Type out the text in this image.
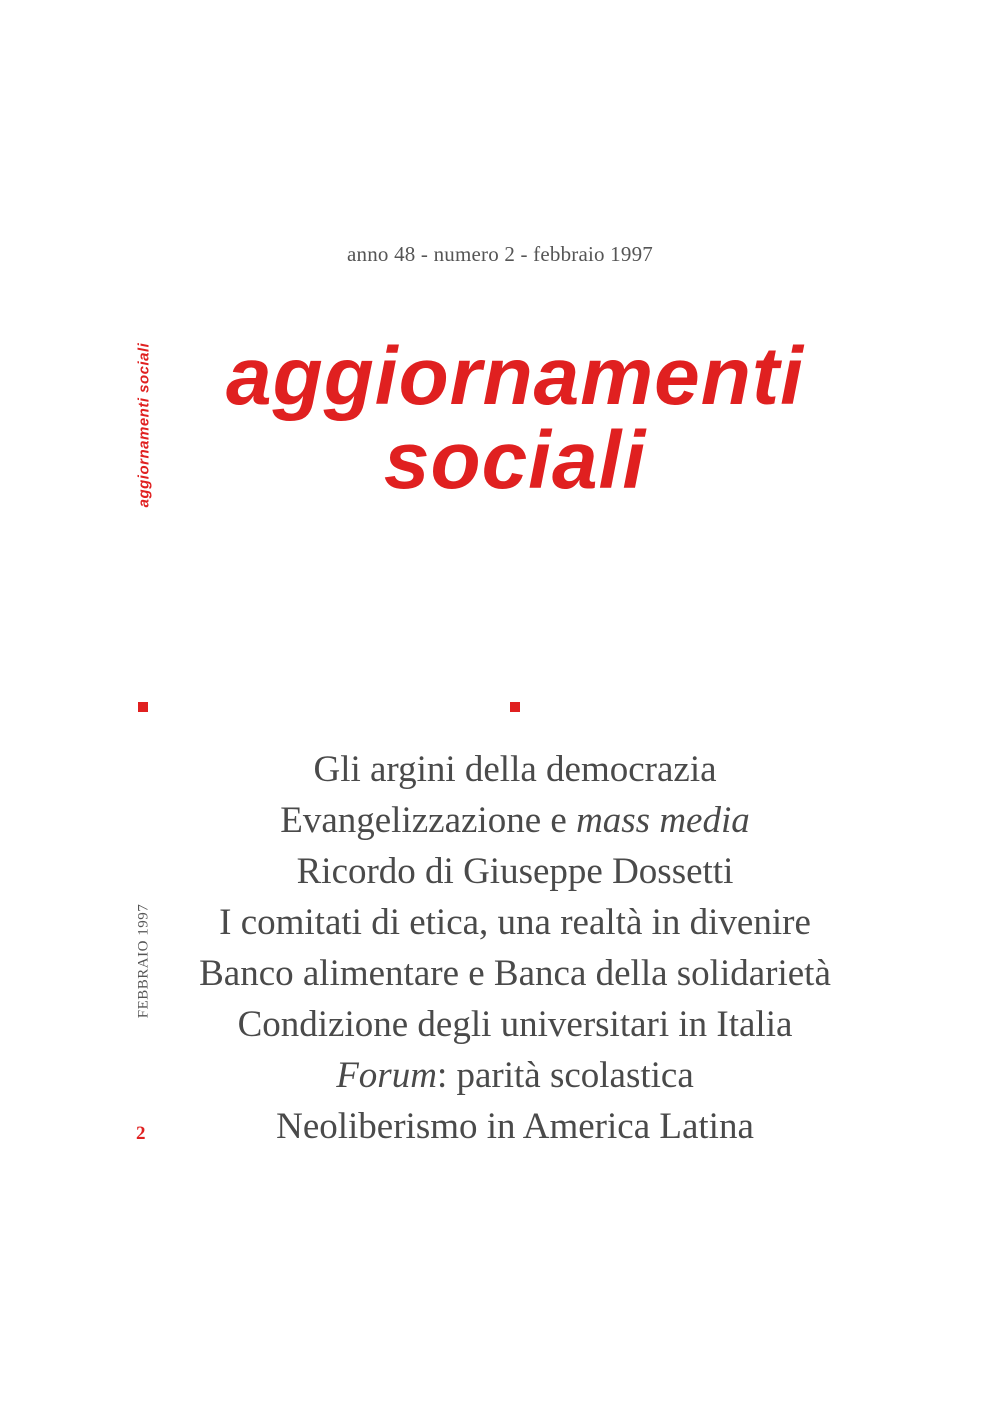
anno 48 - numero 2 - febbraio 1997
aggiornamenti
sociali
aggiornamenti sociali
FEBBRAIO 1997
2
Gli argini della democrazia
Evangelizzazione e mass media
Ricordo di Giuseppe Dossetti
I comitati di etica, una realtà in divenire
Banco alimentare e Banca della solidarietà
Condizione degli universitari in Italia
Forum: parità scolastica
Neoliberismo in America Latina
